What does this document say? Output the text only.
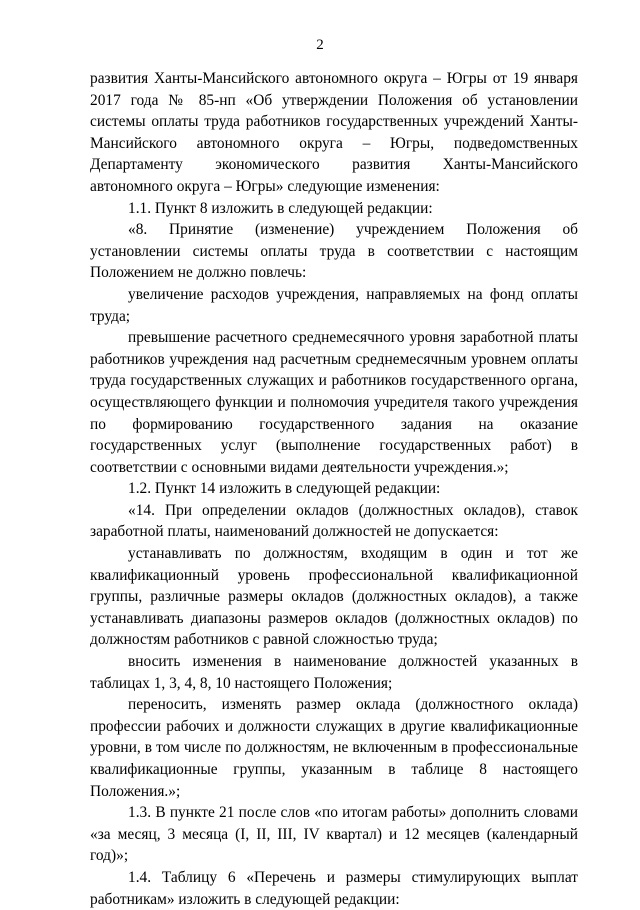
2

развития Ханты-Мансийского автономного округа – Югры от 19 января 2017 года № 85-нп «Об утверждении Положения об установлении системы оплаты труда работников государственных учреждений Ханты-Мансийского автономного округа – Югры, подведомственных Департаменту экономического развития Ханты-Мансийского автономного округа – Югры» следующие изменения:

1.1. Пункт 8 изложить в следующей редакции:

«8. Принятие (изменение) учреждением Положения об установлении системы оплаты труда в соответствии с настоящим Положением не должно повлечь:

увеличение расходов учреждения, направляемых на фонд оплаты труда;

превышение расчетного среднемесячного уровня заработной платы работников учреждения над расчетным среднемесячным уровнем оплаты труда государственных служащих и работников государственного органа, осуществляющего функции и полномочия учредителя такого учреждения по формированию государственного задания на оказание государственных услуг (выполнение государственных работ) в соответствии с основными видами деятельности учреждения.»;

1.2. Пункт 14 изложить в следующей редакции:

«14. При определении окладов (должностных окладов), ставок заработной платы, наименований должностей не допускается:

устанавливать по должностям, входящим в один и тот же квалификационный уровень профессиональной квалификационной группы, различные размеры окладов (должностных окладов), а также устанавливать диапазоны размеров окладов (должностных окладов) по должностям работников с равной сложностью труда;

вносить изменения в наименование должностей указанных в таблицах 1, 3, 4, 8, 10 настоящего Положения;

переносить, изменять размер оклада (должностного оклада) профессии рабочих и должности служащих в другие квалификационные уровни, в том числе по должностям, не включенным в профессиональные квалификационные группы, указанным в таблице 8 настоящего Положения.»;

1.3. В пункте 21 после слов «по итогам работы» дополнить словами «за месяц, 3 месяца (I, II, III, IV квартал) и 12 месяцев (календарный год)»;

1.4. Таблицу 6 «Перечень и размеры стимулирующих выплат работникам» изложить в следующей редакции:
